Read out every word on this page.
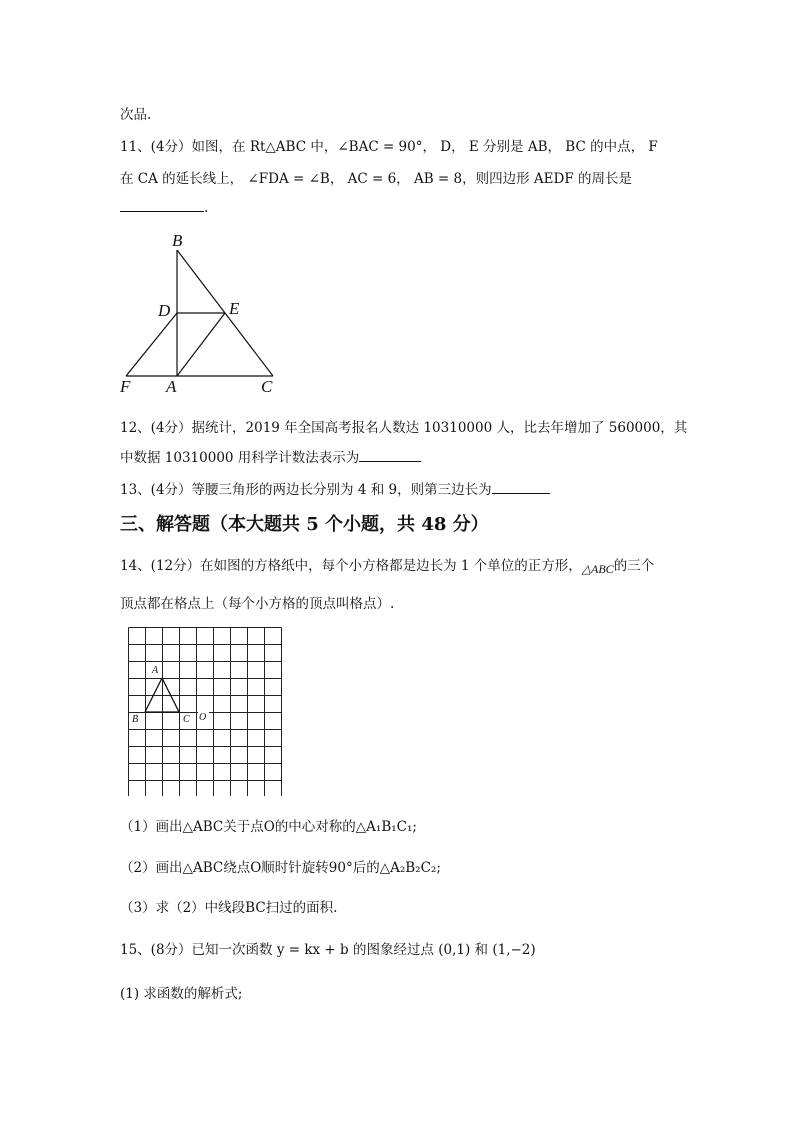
次品.
11、(4分）如图，在 Rt△ABC 中，∠BAC = 90°， D， E 分别是 AB， BC 的中点， F
在 CA 的延长线上， ∠FDA = ∠B， AC = 6， AB = 8，则四边形 AEDF 的周长是
.
B
D	E
F A	C
12、(4分）据统计，2019 年全国高考报名人数达 10310000 人，比去年增加了 560000，其
中数据 10310000 用科学计数法表示为
13、(4分）等腰三角形的两边长分别为 4 和 9，则第三边长为
三、解答题（本大题共 5 个小题，共 48 分）
14、(12分）在如图的方格纸中，每个小方格都是边长为 1 个单位的正方形，△ABC的三个
顶点都在格点上（每个小方格的顶点叫格点）.
A
B	C O
（1）画出△ABC关于点O的中心对称的△A₁B₁C₁;
（2）画出△ABC绕点O顺时针旋转90°后的△A₂B₂C₂;
（3）求（2）中线段BC扫过的面积.
15、(8分）已知一次函数 y = kx + b 的图象经过点 (0,1) 和 (1,−2)
(1) 求函数的解析式;
